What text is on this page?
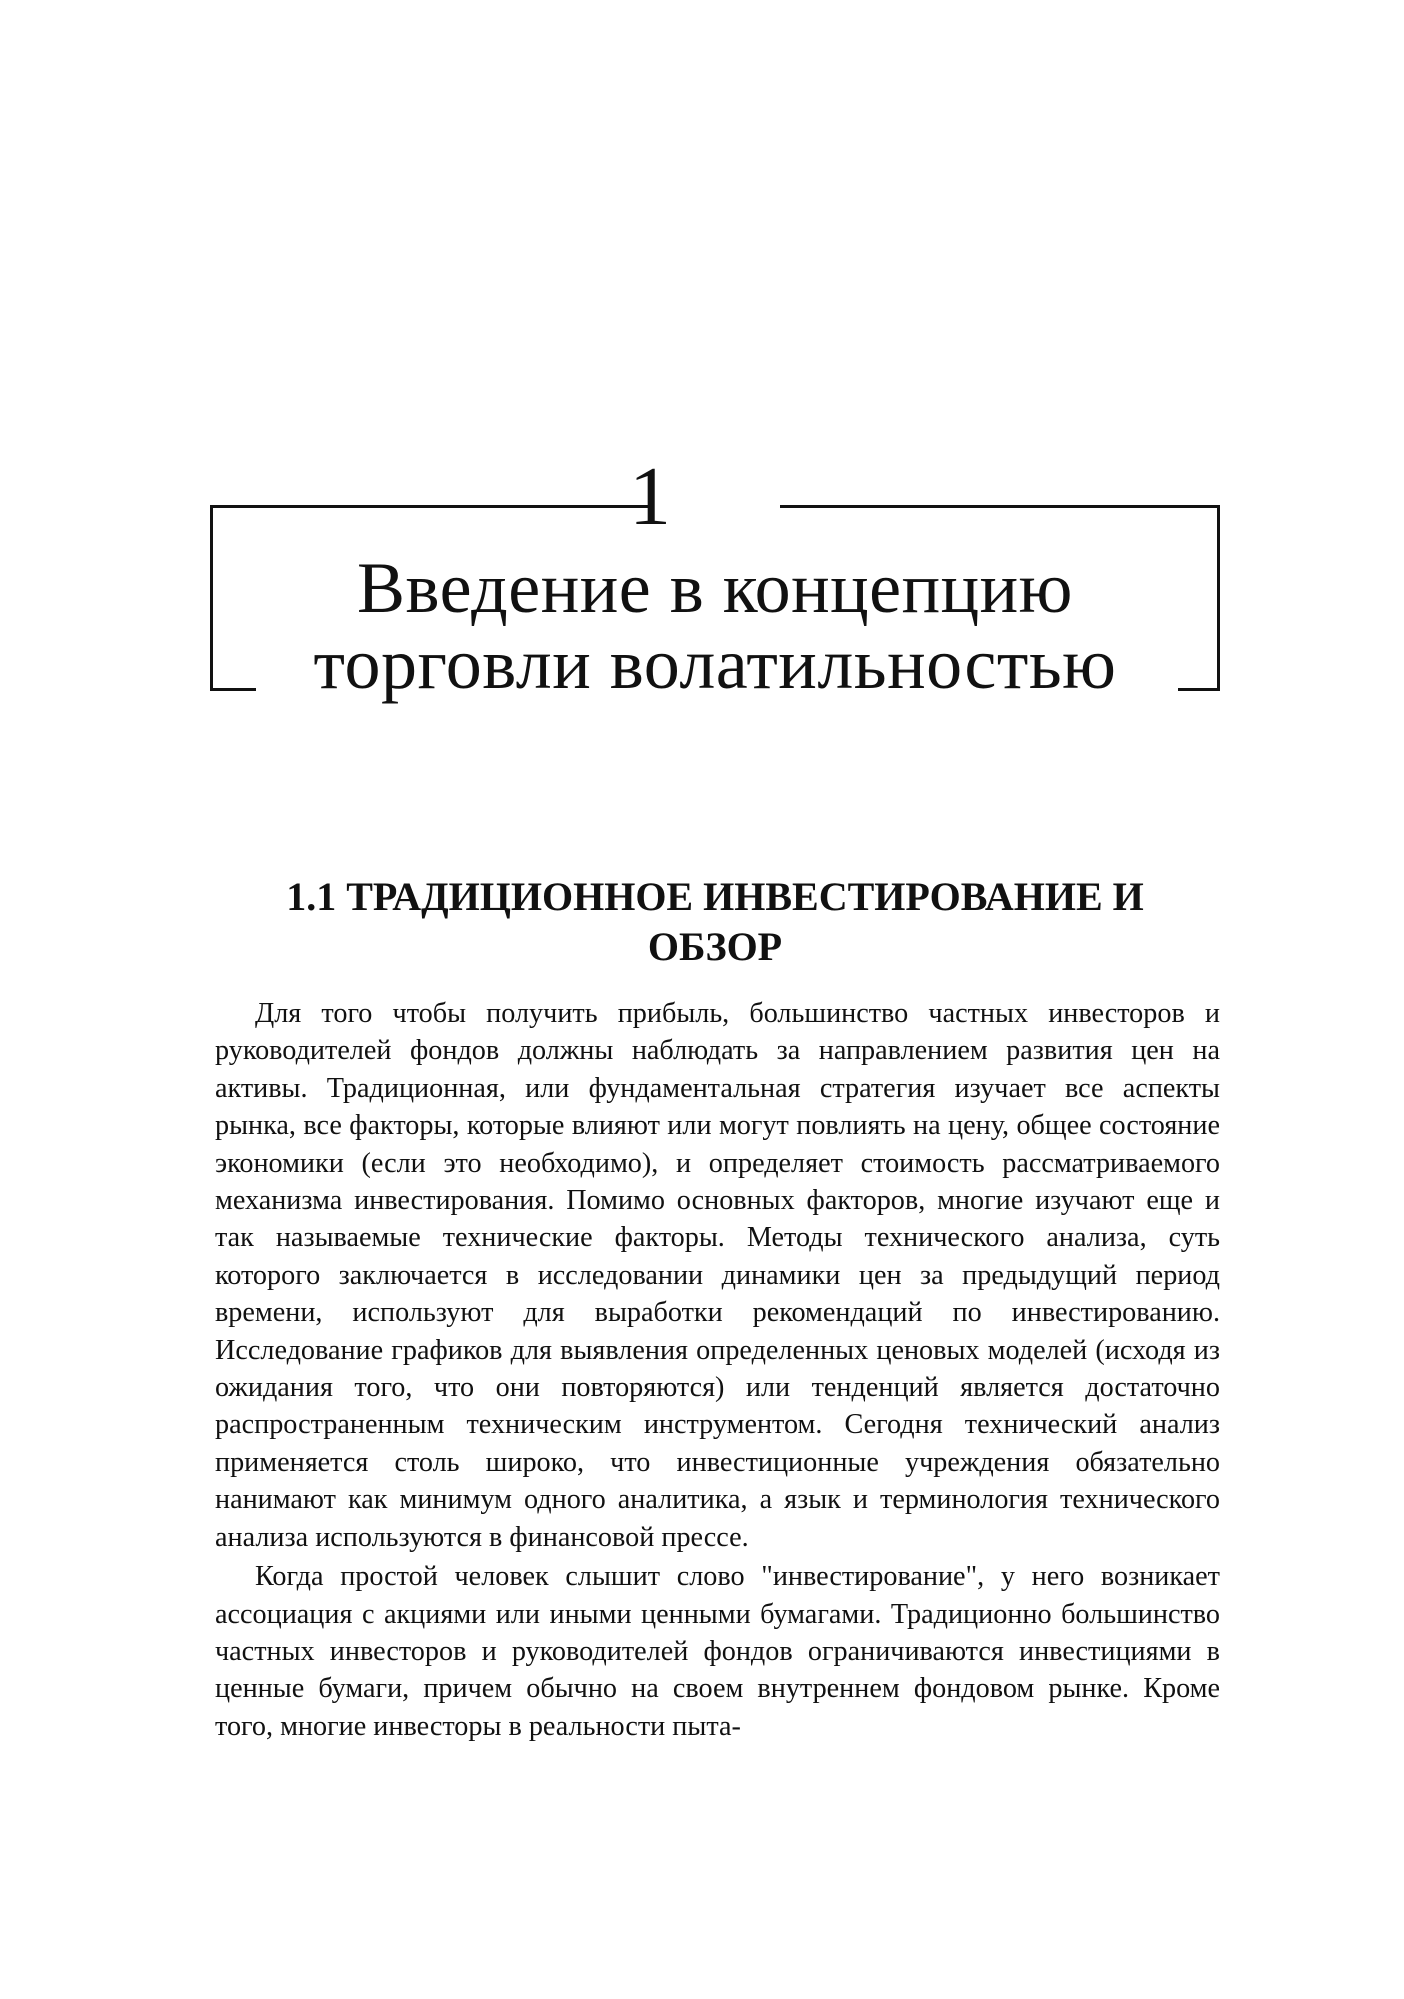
1
Введение в концепцию
торговли волатильностью
1.1 ТРАДИЦИОННОЕ ИНВЕСТИРОВАНИЕ И
ОБЗОР

Для того чтобы получить прибыль, большинство частных инвесторов и руководителей фондов должны наблюдать за направлением развития цен на активы. Традиционная, или фундаментальная стратегия изучает все аспекты рынка, все факторы, которые влияют или могут повлиять на цену, общее состояние экономики (если это необходимо), и определяет стоимость рассматриваемого механизма инвестирования. Помимо основных факторов, многие изучают еще и так называемые технические факторы. Методы технического анализа, суть которого заключается в исследовании динамики цен за предыдущий период времени, используют для выработки рекомендаций по инвестированию. Исследование графиков для выявления определенных ценовых моделей (исходя из ожидания того, что они повторяются) или тенденций является достаточно распространенным техническим инструментом. Сегодня технический анализ применяется столь широко, что инвестиционные учреждения обязательно нанимают как минимум одного аналитика, а язык и терминология технического анализа используются в финансовой прессе.

Когда простой человек слышит слово "инвестирование", у него возникает ассоциация с акциями или иными ценными бумагами. Традиционно большинство частных инвесторов и руководителей фондов ограничиваются инвестициями в ценные бумаги, причем обычно на своем внутреннем фондовом рынке. Кроме того, многие инвесторы в реальности пыта-
